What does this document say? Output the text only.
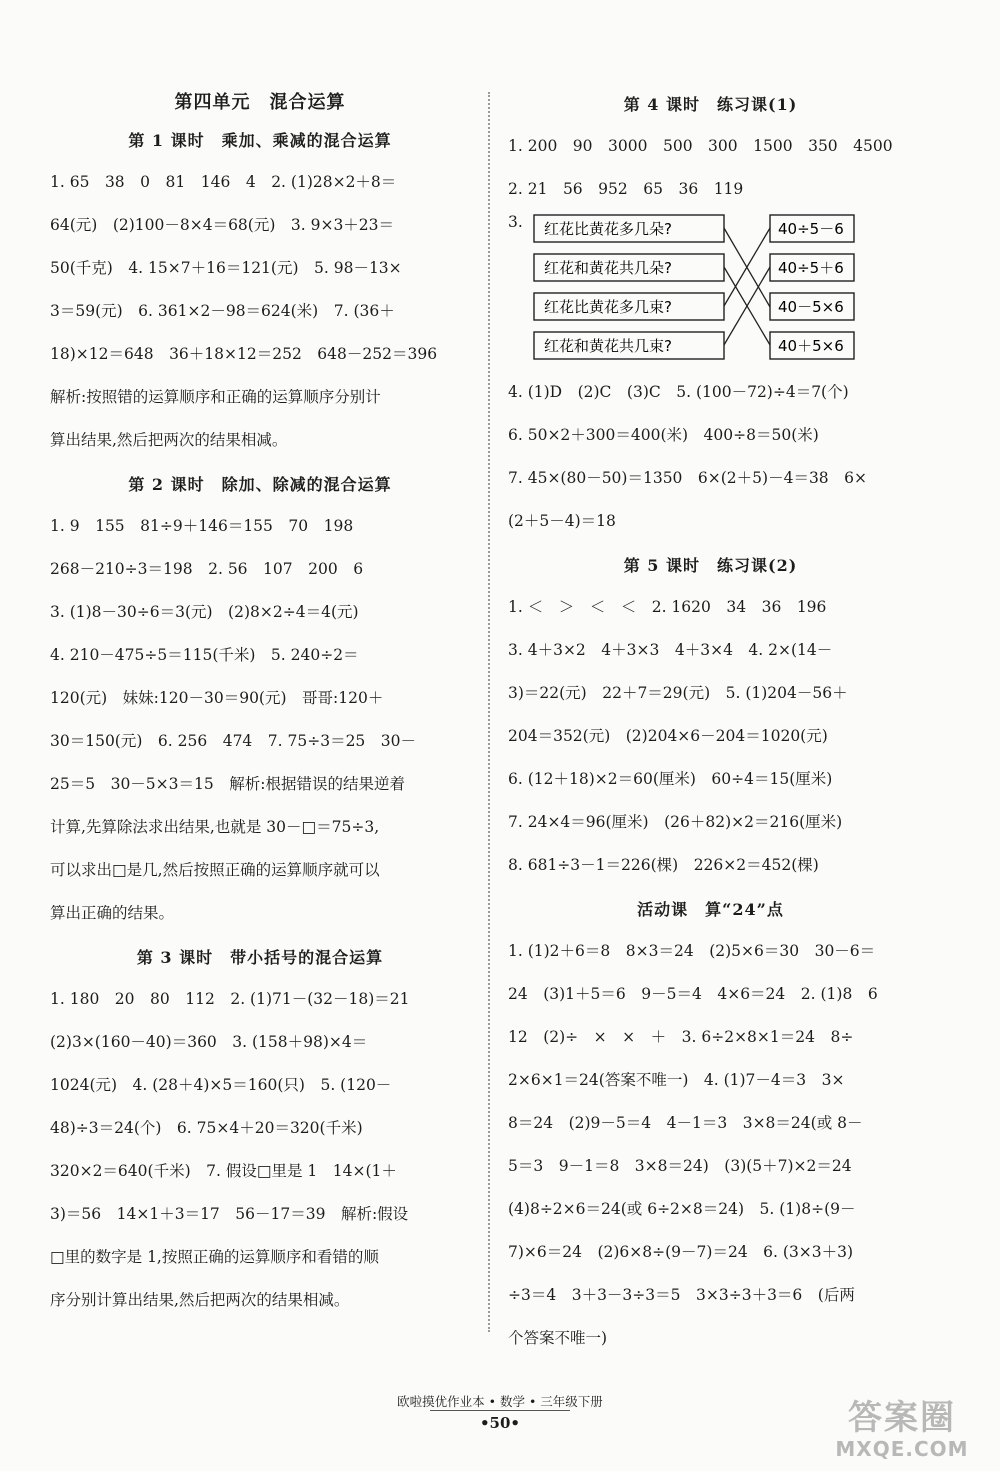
第四单元　混合运算
第 1 课时　乘加、乘减的混合运算
1. 65　38　0　81　146　4　2. (1)28×2＋8＝
64(元)　(2)100－8×4＝68(元)　3. 9×3＋23＝
50(千克)　4. 15×7＋16＝121(元)　5. 98－13×
3＝59(元)　6. 361×2－98＝624(米)　7. (36＋
18)×12＝648　36＋18×12＝252　648－252＝396
解析:按照错的运算顺序和正确的运算顺序分别计
算出结果,然后把两次的结果相减。
第 2 课时　除加、除减的混合运算
1. 9　155　81÷9＋146＝155　70　198
268－210÷3＝198　2. 56　107　200　6
3. (1)8－30÷6＝3(元)　(2)8×2÷4＝4(元)
4. 210－475÷5＝115(千米)　5. 240÷2＝
120(元)　妹妹:120－30＝90(元)　哥哥:120＋
30＝150(元)　6. 256　474　7. 75÷3＝25　30－
25＝5　30－5×3＝15　解析:根据错误的结果逆着
计算,先算除法求出结果,也就是 30－□＝75÷3,
可以求出□是几,然后按照正确的运算顺序就可以
算出正确的结果。
第 3 课时　带小括号的混合运算
1. 180　20　80　112　2. (1)71－(32－18)＝21
(2)3×(160－40)＝360　3. (158＋98)×4＝
1024(元)　4. (28＋4)×5＝160(只)　5. (120－
48)÷3＝24(个)　6. 75×4＋20＝320(千米)
320×2＝640(千米)　7. 假设□里是 1　14×(1＋
3)＝56　14×1＋3＝17　56－17＝39　解析:假设
□里的数字是 1,按照正确的运算顺序和看错的顺
序分别计算出结果,然后把两次的结果相减。
第 4 课时　练习课(1)
1. 200　90　3000　500　300　1500　350　4500
2. 21　56　952　65　36　119
3.	红花比黄花多几朵?
红花和黄花共几朵?
红花比黄花多几束?
红花和黄花共几束?
40÷5－6
40÷5＋6
40－5×6
40＋5×6
4. (1)D　(2)C　(3)C　5. (100－72)÷4＝7(个)
6. 50×2＋300＝400(米)　400÷8＝50(米)
7. 45×(80－50)＝1350　6×(2＋5)－4＝38　6×
(2＋5－4)＝18
第 5 课时　练习课(2)
1. ＜　＞　＜　＜　2. 1620　34　36　196
3. 4＋3×2　4＋3×3　4＋3×4　4. 2×(14－
3)＝22(元)　22＋7＝29(元)　5. (1)204－56＋
204＝352(元)　(2)204×6－204＝1020(元)
6. (12＋18)×2＝60(厘米)　60÷4＝15(厘米)
7. 24×4＝96(厘米)　(26＋82)×2＝216(厘米)
8. 681÷3－1＝226(棵)　226×2＝452(棵)
活动课　算“24”点
1. (1)2＋6＝8　8×3＝24　(2)5×6＝30　30－6＝
24　(3)1＋5＝6　9－5＝4　4×6＝24　2. (1)8　6
12　(2)÷　×　×　＋　3. 6÷2×8×1＝24　8÷
2×6×1＝24(答案不唯一)　4. (1)7－4＝3　3×
8＝24　(2)9－5＝4　4－1＝3　3×8＝24(或 8－
5＝3　9－1＝8　3×8＝24)　(3)(5＋7)×2＝24
(4)8÷2×6＝24(或 6÷2×8＝24)　5. (1)8÷(9－
7)×6＝24　(2)6×8÷(9－7)＝24　6. (3×3＋3)
÷3＝4　3＋3－3÷3＝5　3×3÷3＋3＝6　(后两
个答案不唯一)
欧啦摸优作业本 • 数学 • 三年级下册
•50•	答案圈
MXQE.COM
